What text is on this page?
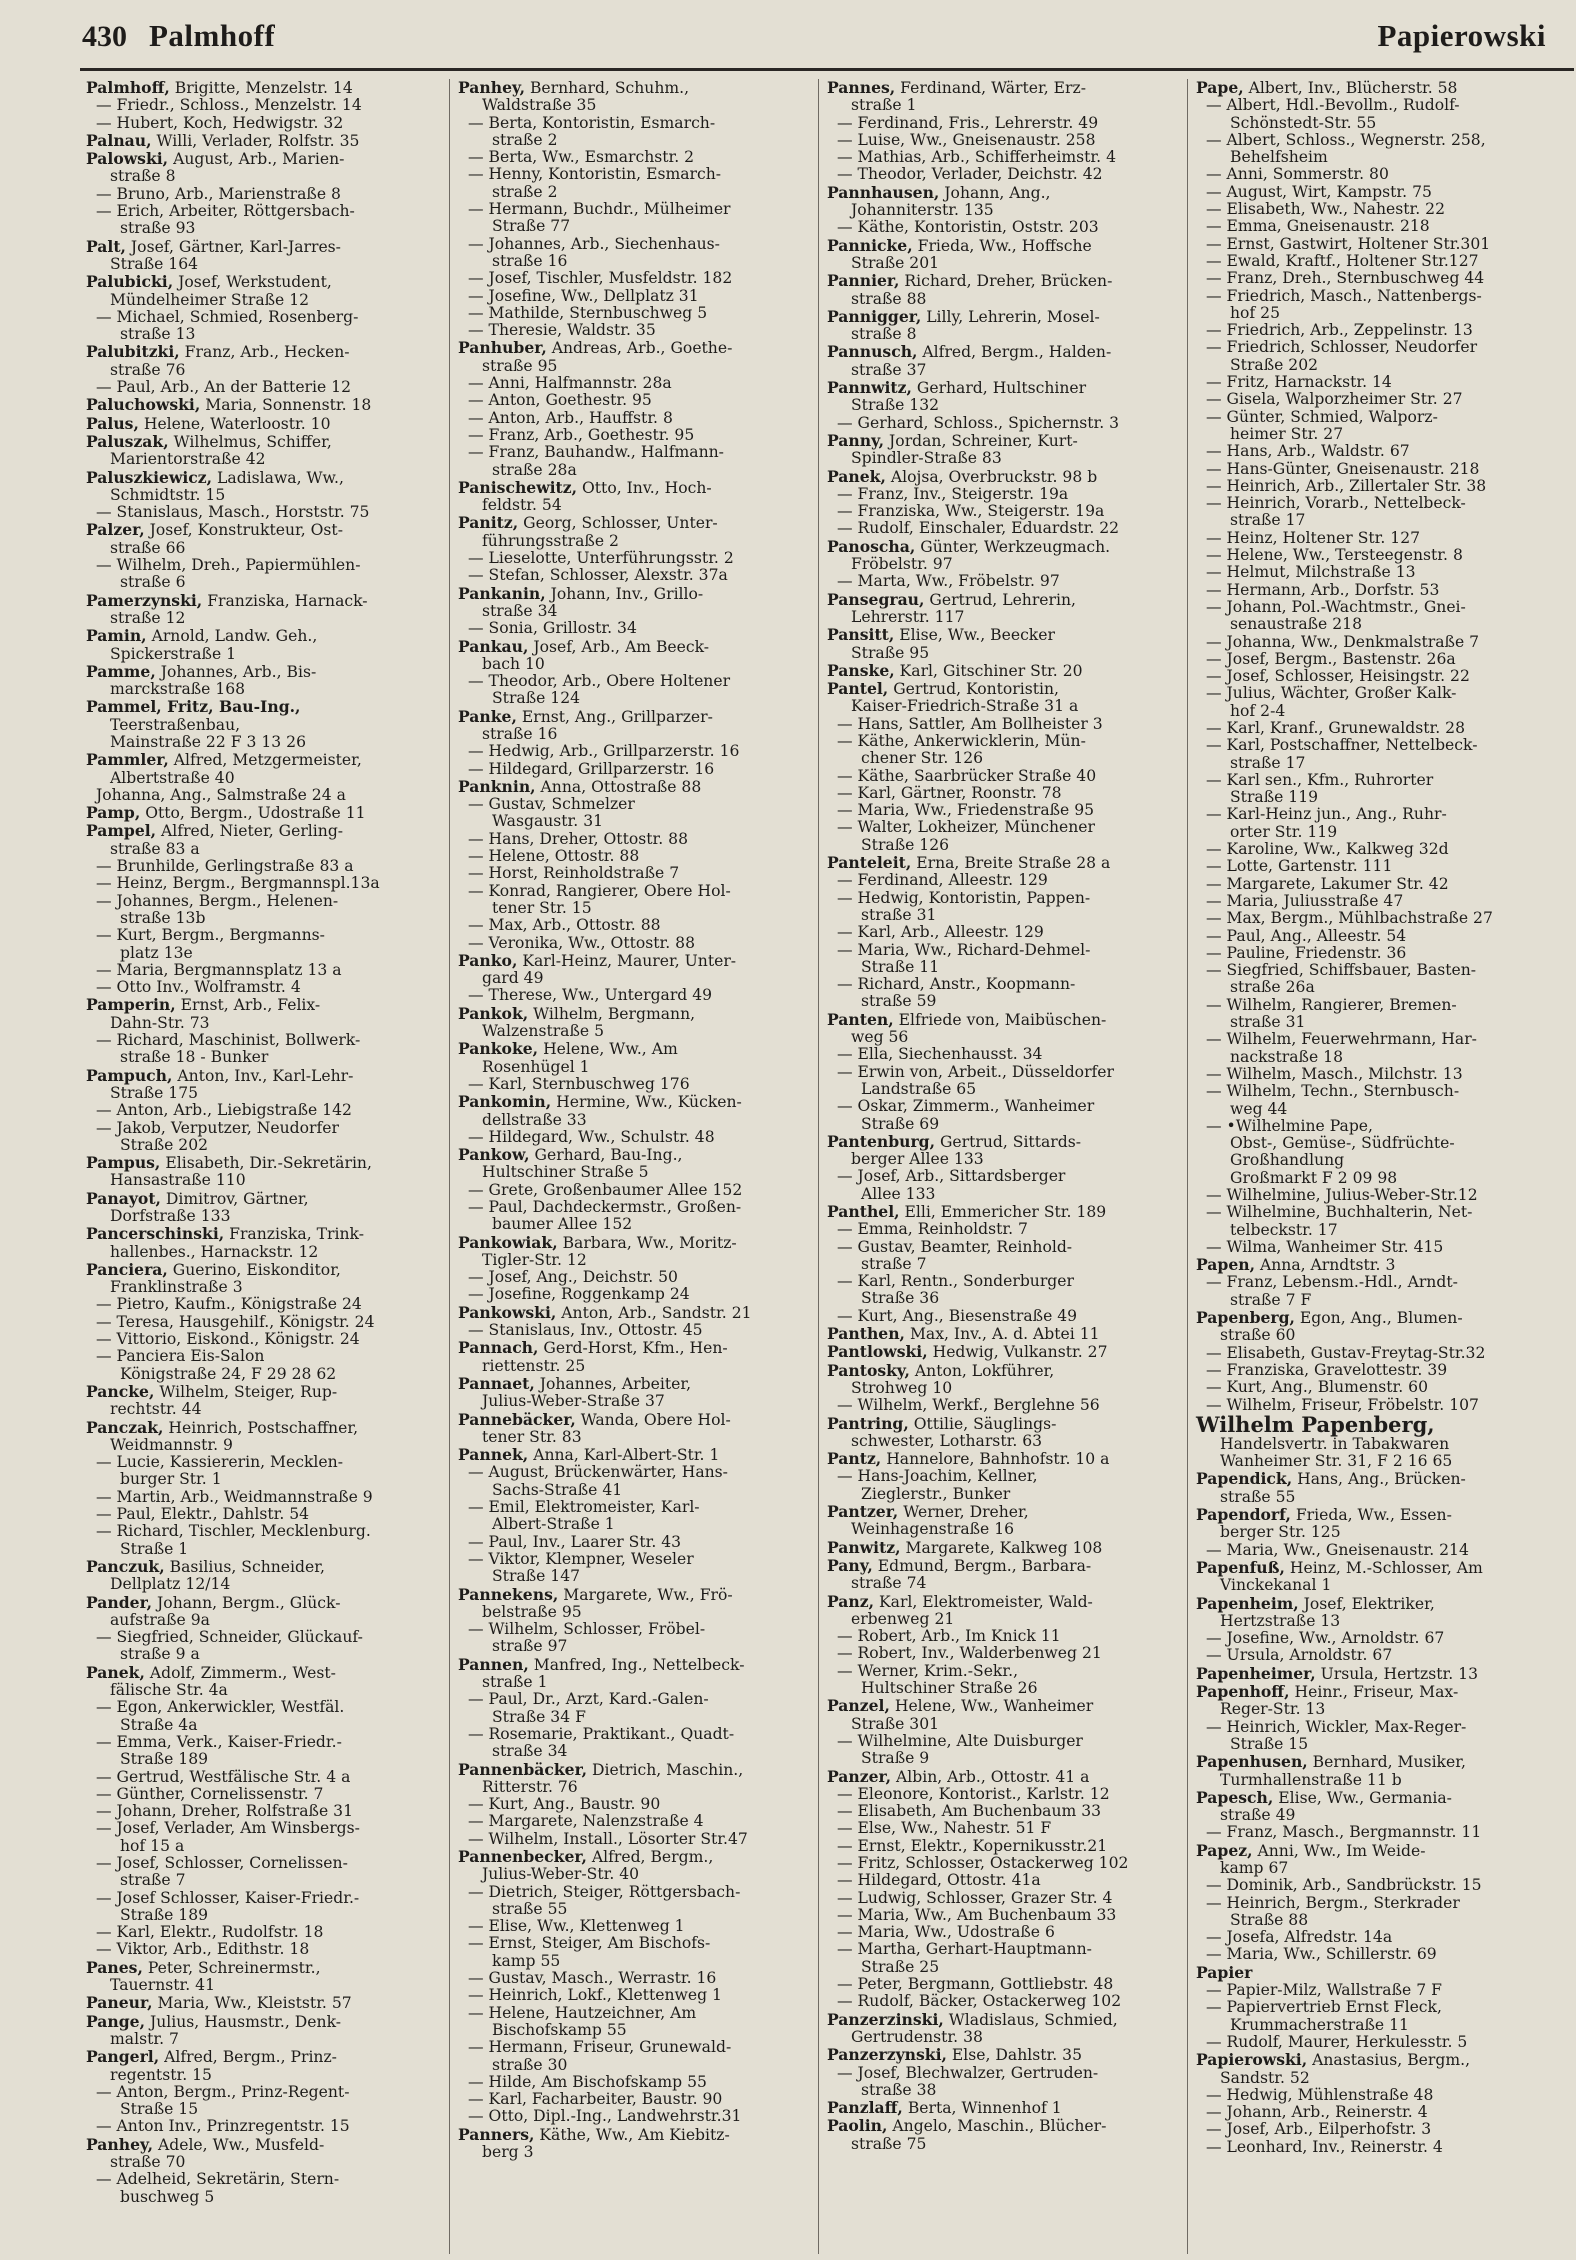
430 Palmhoff	Papierowski

Palmhoff, Brigitte, Menzelstr. 14

— Friedr., Schloss., Menzelstr. 14

— Hubert, Koch, Hedwigstr. 32

Palnau, Willi, Verlader, Rolfstr. 35

Palowski, August, Arb., Marien-
straße 8

— Bruno, Arb., Marienstraße 8

— Erich, Arbeiter, Röttgersbach-
straße 93

Palt, Josef, Gärtner, Karl-Jarres-
Straße 164

Palubicki, Josef, Werkstudent,
Mündelheimer Straße 12

— Michael, Schmied, Rosenberg-
straße 13

Palubitzki, Franz, Arb., Hecken-
straße 76

— Paul, Arb., An der Batterie 12

Paluchowski, Maria, Sonnenstr. 18

Palus, Helene, Waterloostr. 10

Paluszak, Wilhelmus, Schiffer,
Marientorstraße 42

Paluszkiewicz, Ladislawa, Ww.,
Schmidtstr. 15

— Stanislaus, Masch., Horststr. 75

Palzer, Josef, Konstrukteur, Ost-
straße 66

— Wilhelm, Dreh., Papiermühlen-
straße 6

Pamerzynski, Franziska, Harnack-
straße 12

Pamin, Arnold, Landw. Geh.,
Spickerstraße 1

Pamme, Johannes, Arb., Bis-
marckstraße 168

Pammel, Fritz, Bau-Ing.,
Teerstraßenbau,
Mainstraße 22 F 3 13 26

Pammler, Alfred, Metzgermeister,
Albertstraße 40

Johanna, Ang., Salmstraße 24 a

Pamp, Otto, Bergm., Udostraße 11

Pampel, Alfred, Nieter, Gerling-
straße 83 a

— Brunhilde, Gerlingstraße 83 a

— Heinz, Bergm., Bergmannspl.13a

— Johannes, Bergm., Helenen-
straße 13b

— Kurt, Bergm., Bergmanns-
platz 13e

— Maria, Bergmannsplatz 13 a

— Otto Inv., Wolframstr. 4

Pamperin, Ernst, Arb., Felix-
Dahn-Str. 73

— Richard, Maschinist, Bollwerk-
straße 18 - Bunker

Pampuch, Anton, Inv., Karl-Lehr-
Straße 175

— Anton, Arb., Liebigstraße 142

— Jakob, Verputzer, Neudorfer
Straße 202

Pampus, Elisabeth, Dir.-Sekretärin,
Hansastraße 110

Panayot, Dimitrov, Gärtner,
Dorfstraße 133

Pancerschinski, Franziska, Trink-
hallenbes., Harnackstr. 12

Panciera, Guerino, Eiskonditor,
Franklinstraße 3

— Pietro, Kaufm., Königstraße 24

— Teresa, Hausgehilf., Königstr. 24

— Vittorio, Eiskond., Königstr. 24

— Panciera Eis-Salon
Königstraße 24, F 29 28 62

Pancke, Wilhelm, Steiger, Rup-
rechtstr. 44

Panczak, Heinrich, Postschaffner,
Weidmannstr. 9

— Lucie, Kassiererin, Mecklen-
burger Str. 1

— Martin, Arb., Weidmannstraße 9

— Paul, Elektr., Dahlstr. 54

— Richard, Tischler, Mecklenburg.
Straße 1

Panczuk, Basilius, Schneider,
Dellplatz 12/14

Pander, Johann, Bergm., Glück-
aufstraße 9a

— Siegfried, Schneider, Glückauf-
straße 9 a

Panek, Adolf, Zimmerm., West-
fälische Str. 4a

— Egon, Ankerwickler, Westfäl.
Straße 4a

— Emma, Verk., Kaiser-Friedr.-
Straße 189

— Gertrud, Westfälische Str. 4 a

— Günther, Cornelissenstr. 7

— Johann, Dreher, Rolfstraße 31

— Josef, Verlader, Am Winsbergs-
hof 15 a

— Josef, Schlosser, Cornelissen-
straße 7

— Josef Schlosser, Kaiser-Friedr.-
Straße 189

— Karl, Elektr., Rudolfstr. 18

— Viktor, Arb., Edithstr. 18

Panes, Peter, Schreinermstr.,
Tauernstr. 41

Paneur, Maria, Ww., Kleiststr. 57

Pange, Julius, Hausmstr., Denk-
malstr. 7

Pangerl, Alfred, Bergm., Prinz-
regentstr. 15

— Anton, Bergm., Prinz-Regent-
Straße 15

— Anton Inv., Prinzregentstr. 15

Panhey, Adele, Ww., Musfeld-
straße 70

— Adelheid, Sekretärin, Stern-
buschweg 5

Panhey, Bernhard, Schuhm.,
Waldstraße 35

— Berta, Kontoristin, Esmarch-
straße 2

— Berta, Ww., Esmarchstr. 2

— Henny, Kontoristin, Esmarch-
straße 2

— Hermann, Buchdr., Mülheimer
Straße 77

— Johannes, Arb., Siechenhaus-
straße 16

— Josef, Tischler, Musfeldstr. 182

— Josefine, Ww., Dellplatz 31

— Mathilde, Sternbuschweg 5

— Theresie, Waldstr. 35

Panhuber, Andreas, Arb., Goethe-
straße 95

— Anni, Halfmannstr. 28a

— Anton, Goethestr. 95

— Anton, Arb., Hauffstr. 8

— Franz, Arb., Goethestr. 95

— Franz, Bauhandw., Halfmann-
straße 28a

Panischewitz, Otto, Inv., Hoch-
feldstr. 54

Panitz, Georg, Schlosser, Unter-
führungsstraße 2

— Lieselotte, Unterführungsstr. 2

— Stefan, Schlosser, Alexstr. 37a

Pankanin, Johann, Inv., Grillo-
straße 34

— Sonia, Grillostr. 34

Pankau, Josef, Arb., Am Beeck-
bach 10

— Theodor, Arb., Obere Holtener
Straße 124

Panke, Ernst, Ang., Grillparzer-
straße 16

— Hedwig, Arb., Grillparzerstr. 16

— Hildegard, Grillparzerstr. 16

Panknin, Anna, Ottostraße 88

— Gustav, Schmelzer
Wasgaustr. 31

— Hans, Dreher, Ottostr. 88

— Helene, Ottostr. 88

— Horst, Reinholdstraße 7

— Konrad, Rangierer, Obere Hol-
tener Str. 15

— Max, Arb., Ottostr. 88

— Veronika, Ww., Ottostr. 88

Panko, Karl-Heinz, Maurer, Unter-
gard 49

— Therese, Ww., Untergard 49

Pankok, Wilhelm, Bergmann,
Walzenstraße 5

Pankoke, Helene, Ww., Am
Rosenhügel 1

— Karl, Sternbuschweg 176

Pankomin, Hermine, Ww., Kücken-
dellstraße 33

— Hildegard, Ww., Schulstr. 48

Pankow, Gerhard, Bau-Ing.,
Hultschiner Straße 5

— Grete, Großenbaumer Allee 152

— Paul, Dachdeckermstr., Großen-
baumer Allee 152

Pankowiak, Barbara, Ww., Moritz-
Tigler-Str. 12

— Josef, Ang., Deichstr. 50

— Josefine, Roggenkamp 24

Pankowski, Anton, Arb., Sandstr. 21

— Stanislaus, Inv., Ottostr. 45

Pannach, Gerd-Horst, Kfm., Hen-
riettenstr. 25

Pannaet, Johannes, Arbeiter,
Julius-Weber-Straße 37

Pannebäcker, Wanda, Obere Hol-
tener Str. 83

Pannek, Anna, Karl-Albert-Str. 1

— August, Brückenwärter, Hans-
Sachs-Straße 41

— Emil, Elektromeister, Karl-
Albert-Straße 1

— Paul, Inv., Laarer Str. 43

— Viktor, Klempner, Weseler
Straße 147

Pannekens, Margarete, Ww., Frö-
belstraße 95

— Wilhelm, Schlosser, Fröbel-
straße 97

Pannen, Manfred, Ing., Nettelbeck-
straße 1

— Paul, Dr., Arzt, Kard.-Galen-
Straße 34 F

— Rosemarie, Praktikant., Quadt-
straße 34

Pannenbäcker, Dietrich, Maschin.,
Ritterstr. 76

— Kurt, Ang., Baustr. 90

— Margarete, Nalenzstraße 4

— Wilhelm, Install., Lösorter Str.47

Pannenbecker, Alfred, Bergm.,
Julius-Weber-Str. 40

— Dietrich, Steiger, Röttgersbach-
straße 55

— Elise, Ww., Klettenweg 1

— Ernst, Steiger, Am Bischofs-
kamp 55

— Gustav, Masch., Werrastr. 16

— Heinrich, Lokf., Klettenweg 1

— Helene, Hautzeichner, Am
Bischofskamp 55

— Hermann, Friseur, Grunewald-
straße 30

— Hilde, Am Bischofskamp 55

— Karl, Facharbeiter, Baustr. 90

— Otto, Dipl.-Ing., Landwehrstr.31

Panners, Käthe, Ww., Am Kiebitz-
berg 3

Pannes, Ferdinand, Wärter, Erz-
straße 1

— Ferdinand, Fris., Lehrerstr. 49

— Luise, Ww., Gneisenaustr. 258

— Mathias, Arb., Schifferheimstr. 4

— Theodor, Verlader, Deichstr. 42

Pannhausen, Johann, Ang.,
Johanniterstr. 135

— Käthe, Kontoristin, Oststr. 203

Pannicke, Frieda, Ww., Hoffsche
Straße 201

Pannier, Richard, Dreher, Brücken-
straße 88

Pannigger, Lilly, Lehrerin, Mosel-
straße 8

Pannusch, Alfred, Bergm., Halden-
straße 37

Pannwitz, Gerhard, Hultschiner
Straße 132

— Gerhard, Schloss., Spichernstr. 3

Panny, Jordan, Schreiner, Kurt-
Spindler-Straße 83

Panek, Alojsa, Overbruckstr. 98 b

— Franz, Inv., Steigerstr. 19a

— Franziska, Ww., Steigerstr. 19a

— Rudolf, Einschaler, Eduardstr. 22

Panoscha, Günter, Werkzeugmach.
Fröbelstr. 97

— Marta, Ww., Fröbelstr. 97

Pansegrau, Gertrud, Lehrerin,
Lehrerstr. 117

Pansitt, Elise, Ww., Beecker
Straße 95

Panske, Karl, Gitschiner Str. 20

Pantel, Gertrud, Kontoristin,
Kaiser-Friedrich-Straße 31 a

— Hans, Sattler, Am Bollheister 3

— Käthe, Ankerwicklerin, Mün-
chener Str. 126

— Käthe, Saarbrücker Straße 40

— Karl, Gärtner, Roonstr. 78

— Maria, Ww., Friedenstraße 95

— Walter, Lokheizer, Münchener
Straße 126

Panteleit, Erna, Breite Straße 28 a

— Ferdinand, Alleestr. 129

— Hedwig, Kontoristin, Pappen-
straße 31

— Karl, Arb., Alleestr. 129

— Maria, Ww., Richard-Dehmel-
Straße 11

— Richard, Anstr., Koopmann-
straße 59

Panten, Elfriede von, Maibüschen-
weg 56

— Ella, Siechenhausst. 34

— Erwin von, Arbeit., Düsseldorfer
Landstraße 65

— Oskar, Zimmerm., Wanheimer
Straße 69

Pantenburg, Gertrud, Sittards-
berger Allee 133

— Josef, Arb., Sittardsberger
Allee 133

Panthel, Elli, Emmericher Str. 189

— Emma, Reinholdstr. 7

— Gustav, Beamter, Reinhold-
straße 7

— Karl, Rentn., Sonderburger
Straße 36

— Kurt, Ang., Biesenstraße 49

Panthen, Max, Inv., A. d. Abtei 11

Pantlowski, Hedwig, Vulkanstr. 27

Pantosky, Anton, Lokführer,
Strohweg 10

— Wilhelm, Werkf., Berglehne 56

Pantring, Ottilie, Säuglings-
schwester, Lotharstr. 63

Pantz, Hannelore, Bahnhofstr. 10 a

— Hans-Joachim, Kellner,
Zieglerstr., Bunker

Pantzer, Werner, Dreher,
Weinhagenstraße 16

Panwitz, Margarete, Kalkweg 108

Pany, Edmund, Bergm., Barbara-
straße 74

Panz, Karl, Elektromeister, Wald-
erbenweg 21

— Robert, Arb., Im Knick 11

— Robert, Inv., Walderbenweg 21

— Werner, Krim.-Sekr.,
Hultschiner Straße 26

Panzel, Helene, Ww., Wanheimer
Straße 301

— Wilhelmine, Alte Duisburger
Straße 9

Panzer, Albin, Arb., Ottostr. 41 a

— Eleonore, Kontorist., Karlstr. 12

— Elisabeth, Am Buchenbaum 33

— Else, Ww., Nahestr. 51 F

— Ernst, Elektr., Kopernikusstr.21

— Fritz, Schlosser, Ostackerweg 102

— Hildegard, Ottostr. 41a

— Ludwig, Schlosser, Grazer Str. 4

— Maria, Ww., Am Buchenbaum 33

— Maria, Ww., Udostraße 6

— Martha, Gerhart-Hauptmann-
Straße 25

— Peter, Bergmann, Gottliebstr. 48

— Rudolf, Bäcker, Ostackerweg 102

Panzerzinski, Wladislaus, Schmied,
Gertrudenstr. 38

Panzerzynski, Else, Dahlstr. 35

— Josef, Blechwalzer, Gertruden-
straße 38

Panzlaff, Berta, Winnenhof 1

Paolin, Angelo, Maschin., Blücher-
straße 75

Pape, Albert, Inv., Blücherstr. 58

— Albert, Hdl.-Bevollm., Rudolf-
Schönstedt-Str. 55

— Albert, Schloss., Wegnerstr. 258,
Behelfsheim

— Anni, Sommerstr. 80

— August, Wirt, Kampstr. 75

— Elisabeth, Ww., Nahestr. 22

— Emma, Gneisenaustr. 218

— Ernst, Gastwirt, Holtener Str.301

— Ewald, Kraftf., Holtener Str.127

— Franz, Dreh., Sternbuschweg 44

— Friedrich, Masch., Nattenbergs-
hof 25

— Friedrich, Arb., Zeppelinstr. 13

— Friedrich, Schlosser, Neudorfer
Straße 202

— Fritz, Harnackstr. 14

— Gisela, Walporzheimer Str. 27

— Günter, Schmied, Walporz-
heimer Str. 27

— Hans, Arb., Waldstr. 67

— Hans-Günter, Gneisenaustr. 218

— Heinrich, Arb., Zillertaler Str. 38

— Heinrich, Vorarb., Nettelbeck-
straße 17

— Heinz, Holtener Str. 127

— Helene, Ww., Tersteegenstr. 8

— Helmut, Milchstraße 13

— Hermann, Arb., Dorfstr. 53

— Johann, Pol.-Wachtmstr., Gnei-
senaustraße 218

— Johanna, Ww., Denkmalstraße 7

— Josef, Bergm., Bastenstr. 26a

— Josef, Schlosser, Heisingstr. 22

— Julius, Wächter, Großer Kalk-
hof 2-4

— Karl, Kranf., Grunewaldstr. 28

— Karl, Postschaffner, Nettelbeck-
straße 17

— Karl sen., Kfm., Ruhrorter
Straße 119

— Karl-Heinz jun., Ang., Ruhr-
orter Str. 119

— Karoline, Ww., Kalkweg 32d

— Lotte, Gartenstr. 111

— Margarete, Lakumer Str. 42

— Maria, Juliusstraße 47

— Max, Bergm., Mühlbachstraße 27

— Paul, Ang., Alleestr. 54

— Pauline, Friedenstr. 36

— Siegfried, Schiffsbauer, Basten-
straße 26a

— Wilhelm, Rangierer, Bremen-
straße 31

— Wilhelm, Feuerwehrmann, Har-
nackstraße 18

— Wilhelm, Masch., Milchstr. 13

— Wilhelm, Techn., Sternbusch-
weg 44

— •Wilhelmine Pape,
Obst-, Gemüse-, Südfrüchte-
Großhandlung
Großmarkt F 2 09 98

— Wilhelmine, Julius-Weber-Str.12

— Wilhelmine, Buchhalterin, Net-
telbeckstr. 17

— Wilma, Wanheimer Str. 415

Papen, Anna, Arndtstr. 3

— Franz, Lebensm.-Hdl., Arndt-
straße 7 F

Papenberg, Egon, Ang., Blumen-
straße 60

— Elisabeth, Gustav-Freytag-Str.32

— Franziska, Gravelottestr. 39

— Kurt, Ang., Blumenstr. 60

— Wilhelm, Friseur, Fröbelstr. 107

Wilhelm Papenberg,
Handelsvertr. in Tabakwaren
Wanheimer Str. 31, F 2 16 65

Papendick, Hans, Ang., Brücken-
straße 55

Papendorf, Frieda, Ww., Essen-
berger Str. 125

— Maria, Ww., Gneisenaustr. 214

Papenfuß, Heinz, M.-Schlosser, Am
Vinckekanal 1

Papenheim, Josef, Elektriker,
Hertzstraße 13

— Josefine, Ww., Arnoldstr. 67

— Ursula, Arnoldstr. 67

Papenheimer, Ursula, Hertzstr. 13

Papenhoff, Heinr., Friseur, Max-
Reger-Str. 13

— Heinrich, Wickler, Max-Reger-
Straße 15

Papenhusen, Bernhard, Musiker,
Turmhallenstraße 11 b

Papesch, Elise, Ww., Germania-
straße 49

— Franz, Masch., Bergmannstr. 11

Papez, Anni, Ww., Im Weide-
kamp 67

— Dominik, Arb., Sandbrückstr. 15

— Heinrich, Bergm., Sterkrader
Straße 88

— Josefa, Alfredstr. 14a

— Maria, Ww., Schillerstr. 69

Papier

— Papier-Milz, Wallstraße 7 F

— Papiervertrieb Ernst Fleck,
Krummacherstraße 11

— Rudolf, Maurer, Herkulesstr. 5

Papierowski, Anastasius, Bergm.,
Sandstr. 52

— Hedwig, Mühlenstraße 48

— Johann, Arb., Reinerstr. 4

— Josef, Arb., Eilperhofstr. 3

— Leonhard, Inv., Reinerstr. 4
